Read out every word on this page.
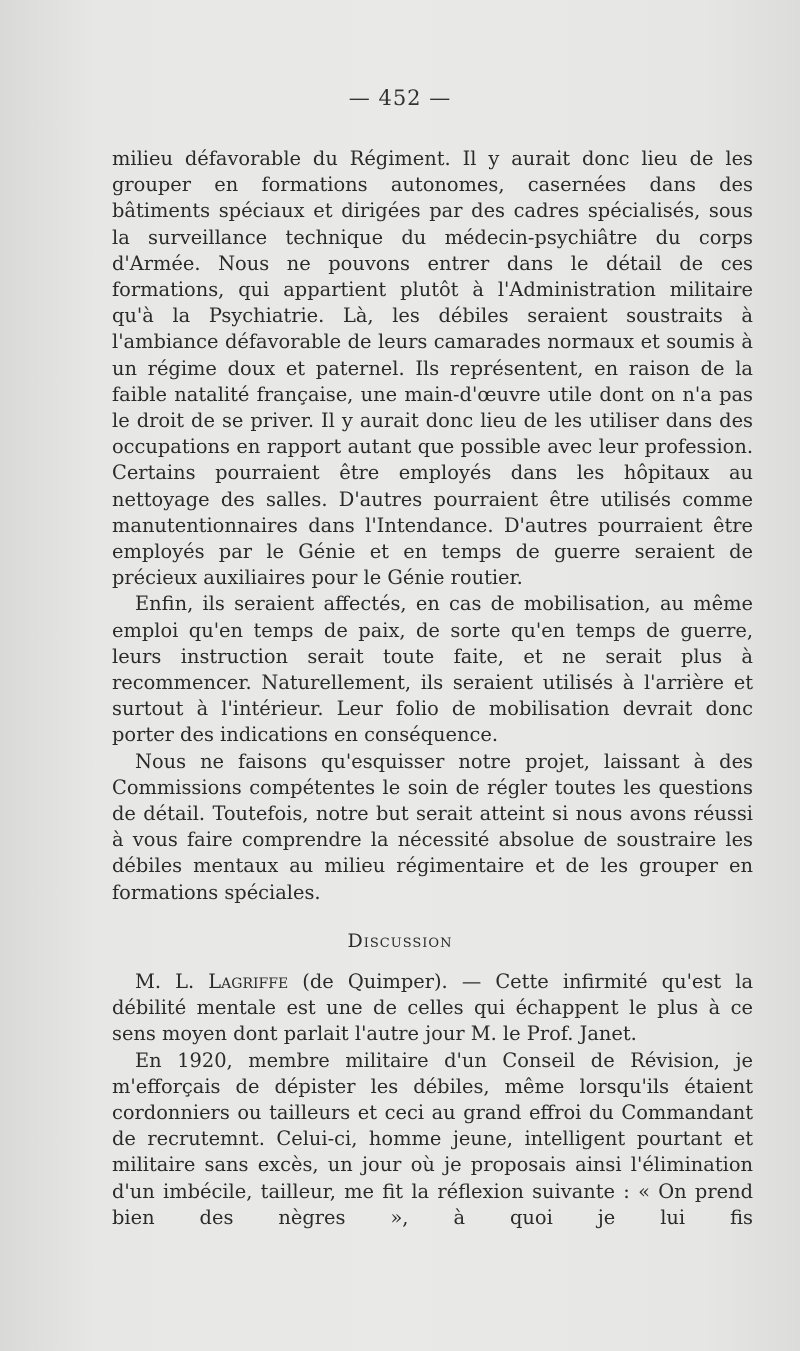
— 452 —

milieu défavorable du Régiment. Il y aurait donc lieu de les grouper en formations autonomes, casernées dans des bâtiments spéciaux et dirigées par des cadres spécialisés, sous la surveillance technique du médecin-psychiâtre du corps d'Armée. Nous ne pouvons entrer dans le détail de ces formations, qui appartient plutôt à l'Administration militaire qu'à la Psychiatrie. Là, les débiles seraient soustraits à l'ambiance défavorable de leurs camarades normaux et soumis à un régime doux et paternel. Ils représentent, en raison de la faible natalité française, une main-d'œuvre utile dont on n'a pas le droit de se priver. Il y aurait donc lieu de les utiliser dans des occupations en rapport autant que possible avec leur profession. Certains pourraient être employés dans les hôpitaux au nettoyage des salles. D'autres pourraient être utilisés comme manutentionnaires dans l'Intendance. D'autres pourraient être employés par le Génie et en temps de guerre seraient de précieux auxiliaires pour le Génie routier.

Enfin, ils seraient affectés, en cas de mobilisation, au même emploi qu'en temps de paix, de sorte qu'en temps de guerre, leurs instruction serait toute faite, et ne serait plus à recommencer. Naturellement, ils seraient utilisés à l'arrière et surtout à l'intérieur. Leur folio de mobilisation devrait donc porter des indications en conséquence.

Nous ne faisons qu'esquisser notre projet, laissant à des Commissions compétentes le soin de régler toutes les questions de détail. Toutefois, notre but serait atteint si nous avons réussi à vous faire comprendre la nécessité absolue de soustraire les débiles mentaux au milieu régimentaire et de les grouper en formations spéciales.

Discussion

M. L. Lagriffe (de Quimper). — Cette infirmité qu'est la débilité mentale est une de celles qui échappent le plus à ce sens moyen dont parlait l'autre jour M. le Prof. Janet.

En 1920, membre militaire d'un Conseil de Révision, je m'efforçais de dépister les débiles, même lorsqu'ils étaient cordonniers ou tailleurs et ceci au grand effroi du Commandant de recrutemnt. Celui-ci, homme jeune, intelligent pourtant et militaire sans excès, un jour où je proposais ainsi l'élimination d'un imbécile, tailleur, me fit la réflexion suivante : « On prend bien des nègres », à quoi je lui fis
